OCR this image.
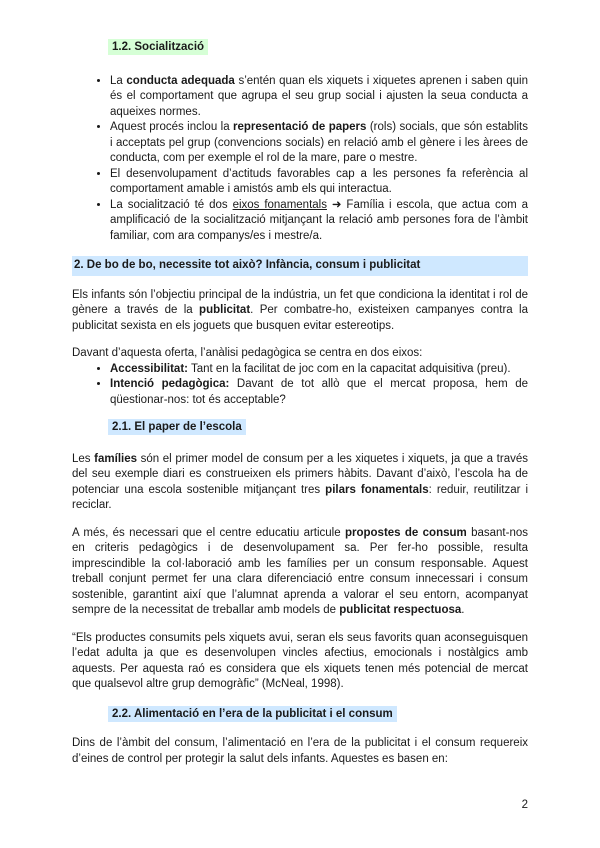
1.2. Socialització
• La conducta adequada s’entén quan els xiquets i xiquetes aprenen i saben quin és el comportament que agrupa el seu grup social i ajusten la seua conducta a aqueixes normes.
• Aquest procés inclou la representació de papers (rols) socials, que són establits i acceptats pel grup (convencions socials) en relació amb el gènere i les àrees de conducta, com per exemple el rol de la mare, pare o mestre.
• El desenvolupament d’actituds favorables cap a les persones fa referència al comportament amable i amistós amb els qui interactua.
• La socialització té dos eixos fonamentals ➜ Família i escola, que actua com a amplificació de la socialització mitjançant la relació amb persones fora de l’àmbit familiar, com ara companys/es i mestre/a.
2. De bo de bo, necessite tot això? Infància, consum i publicitat

Els infants són l’objectiu principal de la indústria, un fet que condiciona la identitat i rol de gènere a través de la publicitat. Per combatre-ho, existeixen campanyes contra la publicitat sexista en els joguets que busquen evitar estereotips.

Davant d’aquesta oferta, l’anàlisi pedagògica se centra en dos eixos:

• Accessibilitat: Tant en la facilitat de joc com en la capacitat adquisitiva (preu).
• Intenció pedagògica: Davant de tot allò que el mercat proposa, hem de qüestionar-nos: tot és acceptable?
2.1. El paper de l’escola

Les famílies són el primer model de consum per a les xiquetes i xiquets, ja que a través del seu exemple diari es construeixen els primers hàbits. Davant d’això, l’escola ha de potenciar una escola sostenible mitjançant tres pilars fonamentals: reduir, reutilitzar i reciclar.

A més, és necessari que el centre educatiu articule propostes de consum basant-nos en criteris pedagògics i de desenvolupament sa. Per fer-ho possible, resulta imprescindible la col·laboració amb les famílies per un consum responsable. Aquest treball conjunt permet fer una clara diferenciació entre consum innecessari i consum sostenible, garantint així que l’alumnat aprenda a valorar el seu entorn, acompanyat sempre de la necessitat de treballar amb models de publicitat respectuosa.

“Els productes consumits pels xiquets avui, seran els seus favorits quan aconseguisquen l’edat adulta ja que es desenvolupen vincles afectius, emocionals i nostàlgics amb aquests. Per aquesta raó es considera que els xiquets tenen més potencial de mercat que qualsevol altre grup demogràfic” (McNeal, 1998).

2.2. Alimentació en l’era de la publicitat i el consum

Dins de l’àmbit del consum, l’alimentació en l’era de la publicitat i el consum requereix d’eines de control per protegir la salut dels infants. Aquestes es basen en:

2
